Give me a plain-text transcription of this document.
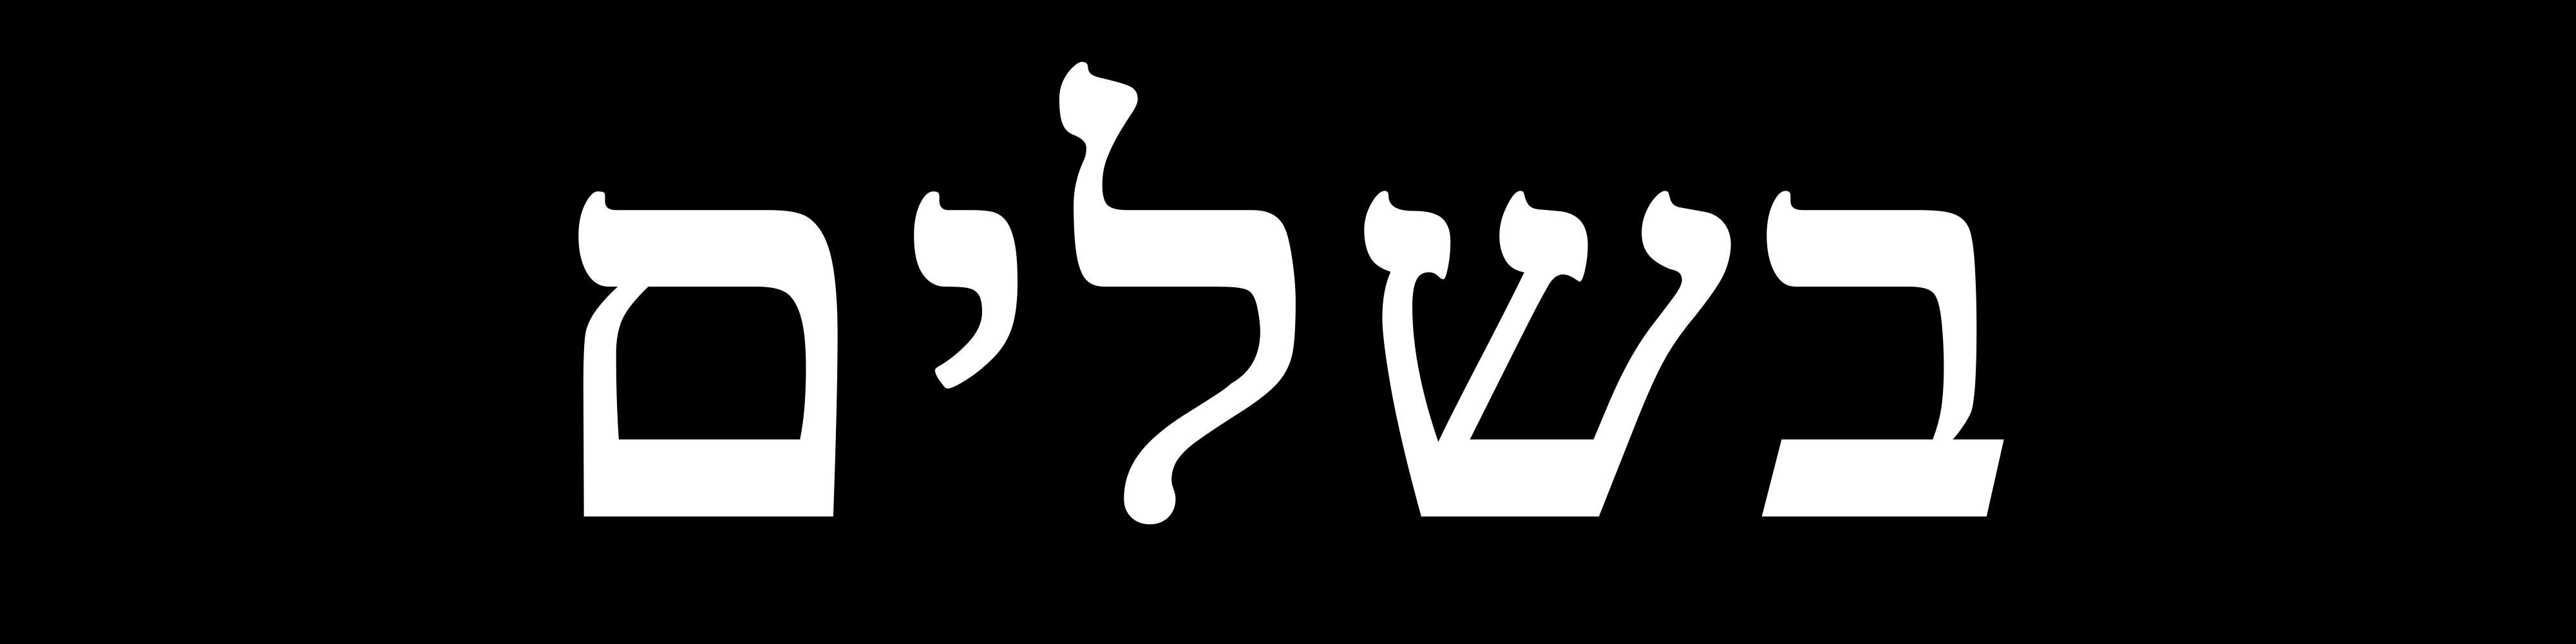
בשלים
